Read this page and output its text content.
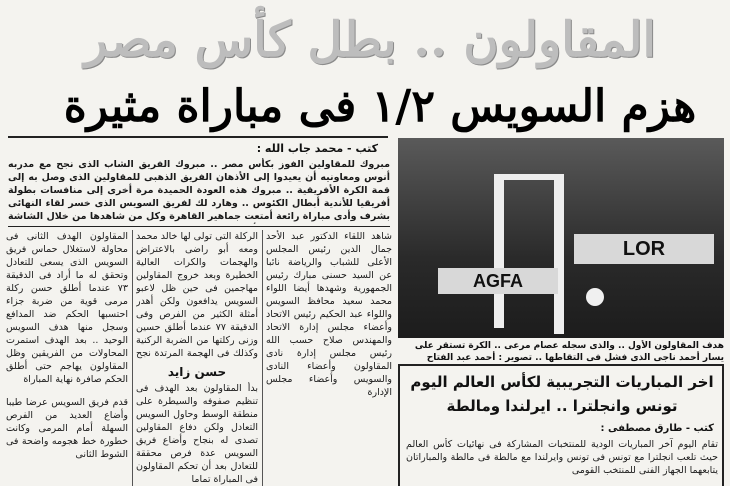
المقاولون .. بطل كأس مصر
هزم السويس ١/٢ فى مباراة مثيرة
كتب - محمد جاب الله :
مبروك للمقاولين الفوز بكأس مصر .. مبروك الفريق الشاب الذى نجح مع مدربه أنوس ومعاونيه أن يعيدوا إلى الأذهان الفريق الذهبى للمقاولين الذى وصل به إلى قمة الكرة الأفريقية .. مبروك هذه العودة الحميدة مرة أخرى إلى منافسات بطولة أفريقيا للأندية أبطال الكئوس .. وهارد لك لفريق السويس الذى خسر لقاء النهائى بشرف وأدى مباراة رائعة أمتعت جماهير القاهرة وكل من شاهدها من خلال الشاشة
شاهد اللقاء الدكتور عبد الأحد جمال الدين رئيس المجلس الأعلى للشباب والرياضة نائبا عن السيد حسنى مبارك رئيس الجمهورية وشهدها أيضا اللواء محمد سعيد محافظ السويس واللواء عبد الحكيم رئيس الاتحاد وأعضاء مجلس إدارة الاتحاد والمهندس صلاح حسب الله رئيس مجلس إدارة نادى المقاولون وأعضاء النادى والسويس وأعضاء مجلس الإدارة
الركلة التى تولى لها خالد محمد ومعه أبو راضى بالاعتراض والهجمات والكرات العالية الخطيرة وبعد خروج المقاولين مهاجمين فى حين ظل لاعبو السويس يدافعون ولكن أهدر أمثلة الكثير من الفرص وفى الدقيقة ٧٧ عندما أطلق حسين وزنى ركلتها من الضربة الركنية وكذلك فى الهجمة المرتدة نجح
حسن زايد
بدأ المقاولون بعد الهدف فى تنظيم صفوفه والسيطرة على منطقة الوسط وحاول السويس التعادل ولكن دفاع المقاولين تصدى له بنجاح وأضاع فريق السويس عدة فرص محققة للتعادل بعد أن تحكم المقاولون فى المباراة تماما
المقاولون الهدف الثانى فى محاولة لاستغلال حماس فريق السويس الذى يسعى للتعادل وتحقق له ما أراد فى الدقيقة ٧٣ عندما أطلق حسن ركلة مرمى قوية من ضربة جزاء احتسبها الحكم ضد المدافع وسجل منها هدف السويس الوحيد .. بعد الهدف استمرت المحاولات من الفريقين وظل المقاولون يهاجم حتى أطلق الحكم صافرة نهاية المباراة
قدم فريق السويس عرضا طيبا وأضاع العديد من الفرص السهلة أمام المرمى وكانت خطورة خط هجومه واضحة فى الشوط الثانى
LOR
AGFA
هدف المقاولون الأول .. والذى سجله عصام مرعى .. الكرة تستقر على يسار أحمد ناجى الذى فشل فى التقاطها .. تصوير : أحمد عبد الفتاح
اخر المباريات التجريبية لكأس العالم اليوم
تونس وانجلترا .. ايرلندا ومالطة
كتب - طارق مصطفى :
تقام اليوم آخر المباريات الودية للمنتخبات المشاركة فى نهائيات كأس العالم حيث تلعب انجلترا مع تونس فى تونس وايرلندا مع مالطة فى مالطة والمباراتان يتابعهما الجهاز الفنى للمنتخب القومى
